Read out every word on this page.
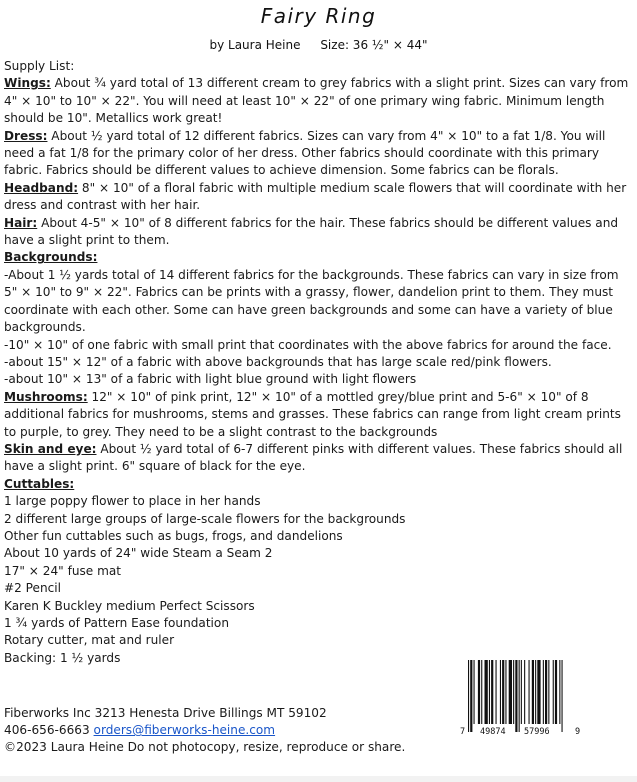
Fairy Ring
by Laura Heine Size: 36 ½" × 44"

Supply List:

Wings: About ¾ yard total of 13 different cream to grey fabrics with a slight print. Sizes can vary from 4" × 10" to 10" × 22". You will need at least 10" × 22" of one primary wing fabric. Minimum length should be 10". Metallics work great!

Dress: About ½ yard total of 12 different fabrics. Sizes can vary from 4" × 10" to a fat 1/8. You will need a fat 1/8 for the primary color of her dress. Other fabrics should coordinate with this primary fabric. Fabrics should be different values to achieve dimension. Some fabrics can be florals.

Headband: 8" × 10" of a floral fabric with multiple medium scale flowers that will coordinate with her dress and contrast with her hair.

Hair: About 4-5" × 10" of 8 different fabrics for the hair. These fabrics should be different values and have a slight print to them.

Backgrounds:

-About 1 ½ yards total of 14 different fabrics for the backgrounds. These fabrics can vary in size from 5" × 10" to 9" × 22". Fabrics can be prints with a grassy, flower, dandelion print to them. They must coordinate with each other. Some can have green backgrounds and some can have a variety of blue backgrounds.

-10" × 10" of one fabric with small print that coordinates with the above fabrics for around the face.

-about 15" × 12" of a fabric with above backgrounds that has large scale red/pink flowers.

-about 10" × 13" of a fabric with light blue ground with light flowers

Mushrooms: 12" × 10" of pink print, 12" × 10" of a mottled grey/blue print and 5-6" × 10" of 8 additional fabrics for mushrooms, stems and grasses. These fabrics can range from light cream prints to purple, to grey. They need to be a slight contrast to the backgrounds

Skin and eye: About ½ yard total of 6-7 different pinks with different values. These fabrics should all have a slight print. 6" square of black for the eye.

Cuttables:

1 large poppy flower to place in her hands

2 different large groups of large-scale flowers for the backgrounds

Other fun cuttables such as bugs, frogs, and dandelions

About 10 yards of 24" wide Steam a Seam 2

17" × 24" fuse mat

#2 Pencil

Karen K Buckley medium Perfect Scissors

1 ¾ yards of Pattern Ease foundation

Rotary cutter, mat and ruler

Backing: 1 ½ yards

Fiberworks Inc 3213 Henesta Drive Billings MT 59102

406-656-6663 orders@fiberworks-heine.com

©2023 Laura Heine Do not photocopy, resize, reproduce or share.

7 49874 57996	9
